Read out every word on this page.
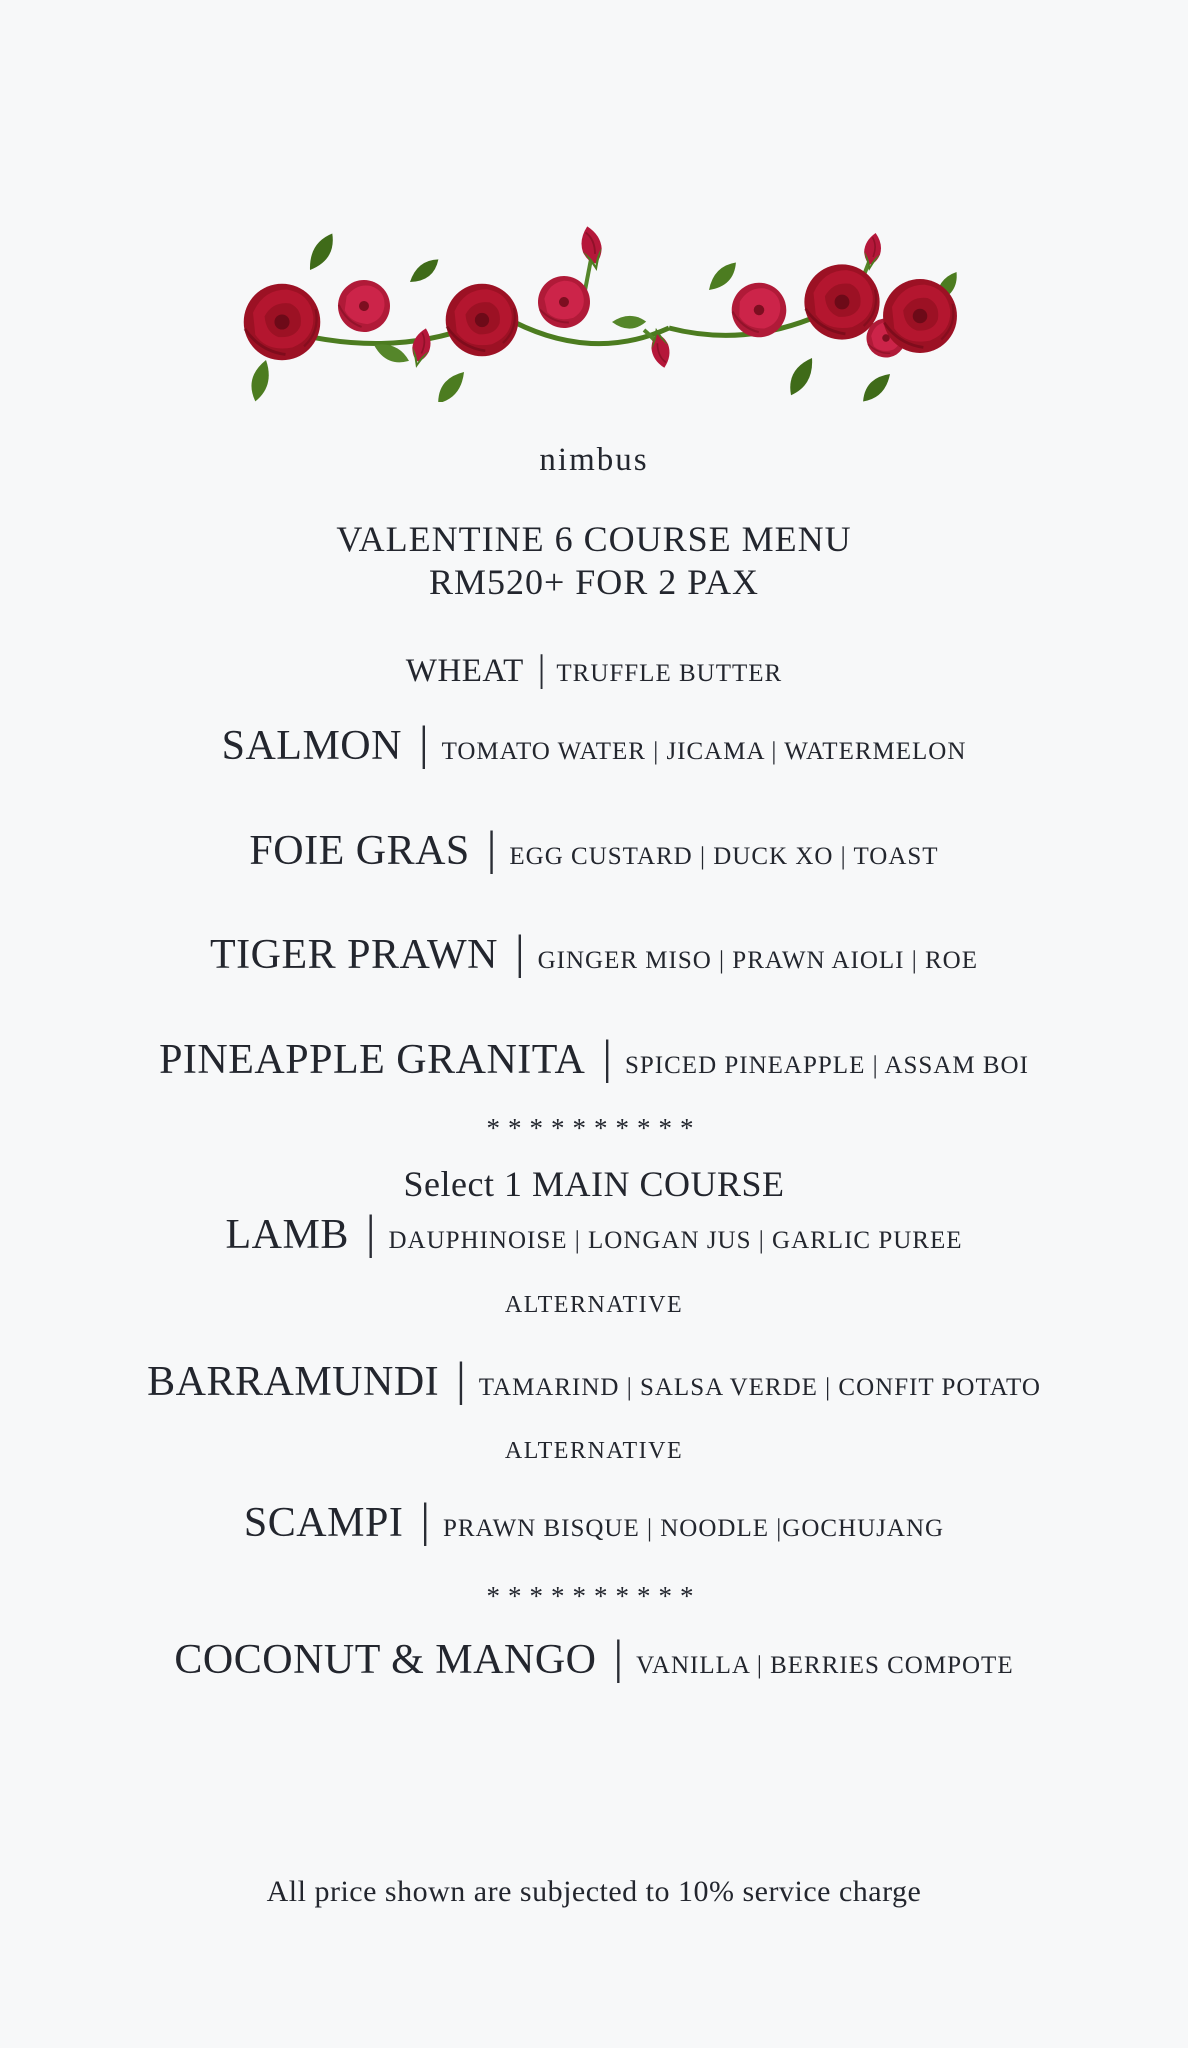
nimbus
VALENTINE 6 COURSE MENU
RM520+ FOR 2 PAX
WHEAT | TRUFFLE BUTTER
SALMON | TOMATO WATER | JICAMA | WATERMELON
FOIE GRAS | EGG CUSTARD | DUCK XO | TOAST
TIGER PRAWN | GINGER MISO | PRAWN AIOLI | ROE
PINEAPPLE GRANITA | SPICED PINEAPPLE | ASSAM BOI
**********
Select 1 MAIN COURSE
LAMB | DAUPHINOISE | LONGAN JUS | GARLIC PUREE
ALTERNATIVE
BARRAMUNDI | TAMARIND | SALSA VERDE | CONFIT POTATO
ALTERNATIVE
SCAMPI | PRAWN BISQUE | NOODLE |GOCHUJANG
**********
COCONUT & MANGO | VANILLA | BERRIES COMPOTE
All price shown are subjected to 10% service charge
